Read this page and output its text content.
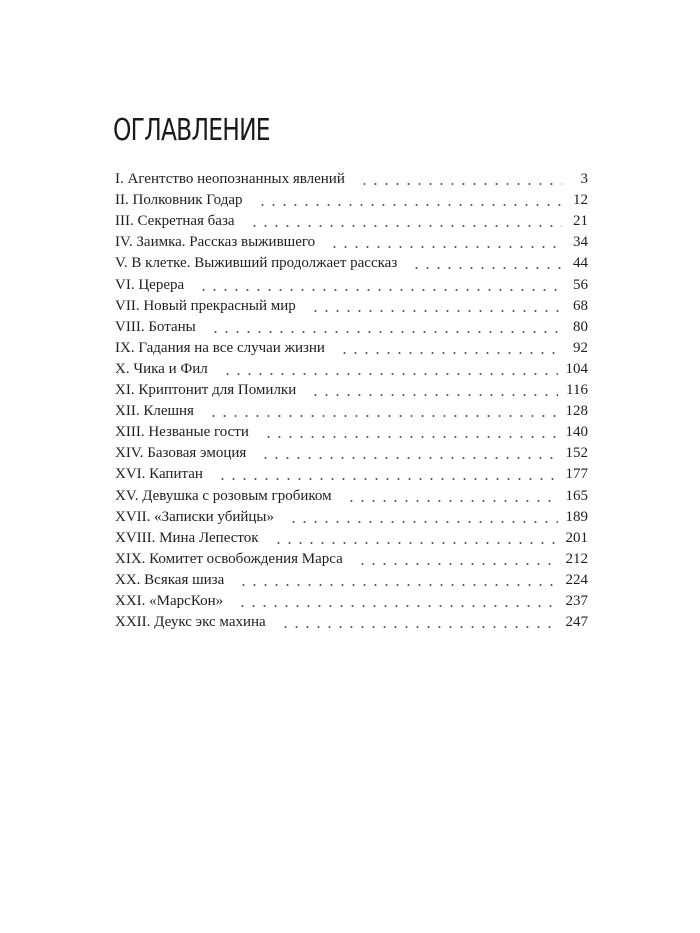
ОГЛАВЛЕНИЕ
I. Агентство неопознанных явлений	3
II. Полковник Годар	12
III. Секретная база	21
IV. Заимка. Рассказ выжившего	34
V. В клетке. Выживший продолжает рассказ	44
VI. Церера	56
VII. Новый прекрасный мир	68
VIII. Ботаны	80
IX. Гадания на все случаи жизни	92
X. Чика и Фил	104
XI. Криптонит для Помилки	116
XII. Клешня	128
XIII. Незваные гости	140
XIV. Базовая эмоция	152
XVI. Капитан	177
XV. Девушка с розовым гробиком	165
XVII. «Записки убийцы»	189
XVIII. Мина Лепесток	201
XIX. Комитет освобождения Марса	212
XX. Всякая шиза	224
XXI. «МарсКон»	237
XXII. Деукс экс махина	247
